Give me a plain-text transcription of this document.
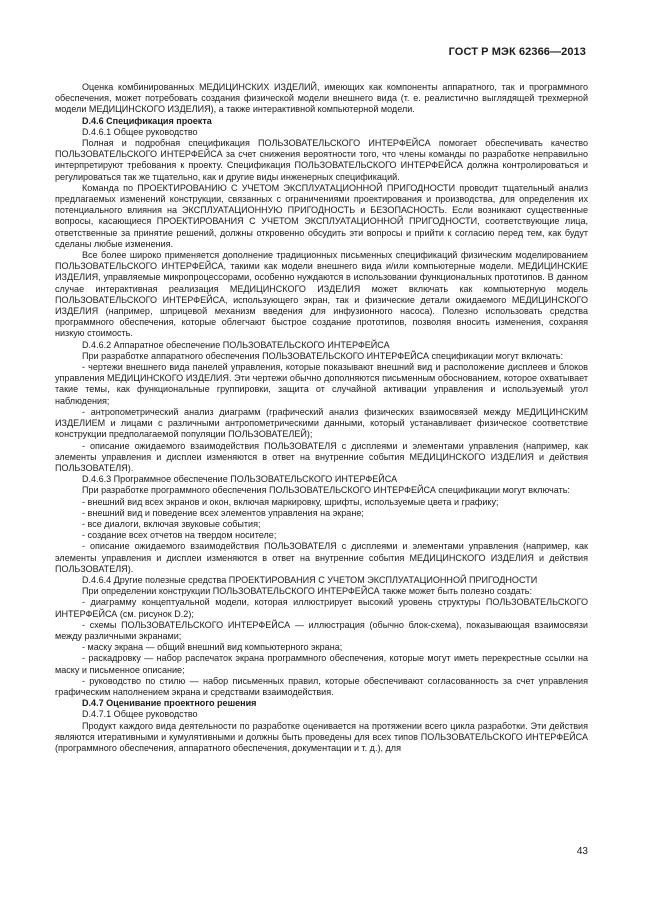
ГОСТ Р МЭК 62366—2013
Оценка комбинированных МЕДИЦИНСКИХ ИЗДЕЛИЙ, имеющих как компоненты аппаратного, так и программного обеспечения, может потребовать создания физической модели внешнего вида (т. е. реалистично выглядящей трехмерной модели МЕДИЦИНСКОГО ИЗДЕЛИЯ), а также интерактивной компьютерной модели.
D.4.6 Спецификация проекта
D.4.6.1 Общее руководство
Полная и подробная спецификация ПОЛЬЗОВАТЕЛЬСКОГО ИНТЕРФЕЙСА помогает обеспечивать качество ПОЛЬЗОВАТЕЛЬСКОГО ИНТЕРФЕЙСА за счет снижения вероятности того, что члены команды по разработке неправильно интерпретируют требования к проекту. Спецификация ПОЛЬЗОВАТЕЛЬСКОГО ИНТЕРФЕЙСА должна контролироваться и регулироваться так же тщательно, как и другие виды инженерных спецификаций.
Команда по ПРОЕКТИРОВАНИЮ С УЧЕТОМ ЭКСПЛУАТАЦИОННОЙ ПРИГОДНОСТИ проводит тщательный анализ предлагаемых изменений конструкции, связанных с ограничениями проектирования и производства, для определения их потенциального влияния на ЭКСПЛУАТАЦИОННУЮ ПРИГОДНОСТЬ и БЕЗОПАСНОСТЬ. Если возникают существенные вопросы, касающиеся ПРОЕКТИРОВАНИЯ С УЧЕТОМ ЭКСПЛУАТАЦИОННОЙ ПРИГОДНОСТИ, соответствующие лица, ответственные за принятие решений, должны откровенно обсудить эти вопросы и прийти к согласию перед тем, как будут сделаны любые изменения.
Все более широко применяется дополнение традиционных письменных спецификаций физическим моделированием ПОЛЬЗОВАТЕЛЬСКОГО ИНТЕРФЕЙСА, такими как модели внешнего вида и/или компьютерные модели. МЕДИЦИНСКИЕ ИЗДЕЛИЯ, управляемые микропроцессорами, особенно нуждаются в использовании функциональных прототипов. В данном случае интерактивная реализация МЕДИЦИНСКОГО ИЗДЕЛИЯ может включать как компьютерную модель ПОЛЬЗОВАТЕЛЬСКОГО ИНТЕРФЕЙСА, использующего экран, так и физические детали ожидаемого МЕДИЦИНСКОГО ИЗДЕЛИЯ (например, шприцевой механизм введения для инфузионного насоса). Полезно использовать средства программного обеспечения, которые облегчают быстрое создание прототипов, позволяя вносить изменения, сохраняя низкую стоимость.
D.4.6.2 Аппаратное обеспечение ПОЛЬЗОВАТЕЛЬСКОГО ИНТЕРФЕЙСА
При разработке аппаратного обеспечения ПОЛЬЗОВАТЕЛЬСКОГО ИНТЕРФЕЙСА спецификации могут включать:
- чертежи внешнего вида панелей управления, которые показывают внешний вид и расположение дисплеев и блоков управления МЕДИЦИНСКОГО ИЗДЕЛИЯ. Эти чертежи обычно дополняются письменным обоснованием, которое охватывает такие темы, как функциональные группировки, защита от случайной активации управления и используемый угол наблюдения;
- антропометрический анализ диаграмм (графический анализ физических взаимосвязей между МЕДИЦИНСКИМ ИЗДЕЛИЕМ и лицами с различными антропометрическими данными, который устанавливает физическое соответствие конструкции предполагаемой популяции ПОЛЬЗОВАТЕЛЕЙ);
- описание ожидаемого взаимодействия ПОЛЬЗОВАТЕЛЯ с дисплеями и элементами управления (например, как элементы управления и дисплеи изменяются в ответ на внутренние события МЕДИЦИНСКОГО ИЗДЕЛИЯ и действия ПОЛЬЗОВАТЕЛЯ).
D.4.6.3 Программное обеспечение ПОЛЬЗОВАТЕЛЬСКОГО ИНТЕРФЕЙСА
При разработке программного обеспечения ПОЛЬЗОВАТЕЛЬСКОГО ИНТЕРФЕЙСА спецификации могут включать:
- внешний вид всех экранов и окон, включая маркировку, шрифты, используемые цвета и графику;
- внешний вид и поведение всех элементов управления на экране;
- все диалоги, включая звуковые события;
- создание всех отчетов на твердом носителе;
- описание ожидаемого взаимодействия ПОЛЬЗОВАТЕЛЯ с дисплеями и элементами управления (например, как элементы управления и дисплеи изменяются в ответ на внутренние события МЕДИЦИНСКОГО ИЗДЕЛИЯ и действия ПОЛЬЗОВАТЕЛЯ).
D.4.6.4 Другие полезные средства ПРОЕКТИРОВАНИЯ С УЧЕТОМ ЭКСПЛУАТАЦИОННОЙ ПРИГОДНОСТИ
При определении конструкции ПОЛЬЗОВАТЕЛЬСКОГО ИНТЕРФЕЙСА также может быть полезно создать:
- диаграмму концептуальной модели, которая иллюстрирует высокий уровень структуры ПОЛЬЗОВАТЕЛЬСКОГО ИНТЕРФЕЙСА (см. рисунок D.2);
- схемы ПОЛЬЗОВАТЕЛЬСКОГО ИНТЕРФЕЙСА — иллюстрация (обычно блок-схема), показывающая взаимосвязи между различными экранами;
- маску экрана — общий внешний вид компьютерного экрана;
- раскадровку — набор распечаток экрана программного обеспечения, которые могут иметь перекрестные ссылки на маску и письменное описание;
- руководство по стилю — набор письменных правил, которые обеспечивают согласованность за счет управления графическим наполнением экрана и средствами взаимодействия.
D.4.7 Оценивание проектного решения
D.4.7.1 Общее руководство
Продукт каждого вида деятельности по разработке оценивается на протяжении всего цикла разработки. Эти действия являются итеративными и кумулятивными и должны быть проведены для всех типов ПОЛЬЗОВАТЕЛЬСКОГО ИНТЕРФЕЙСА (программного обеспечения, аппаратного обеспечения, документации и т. д.), для
43
